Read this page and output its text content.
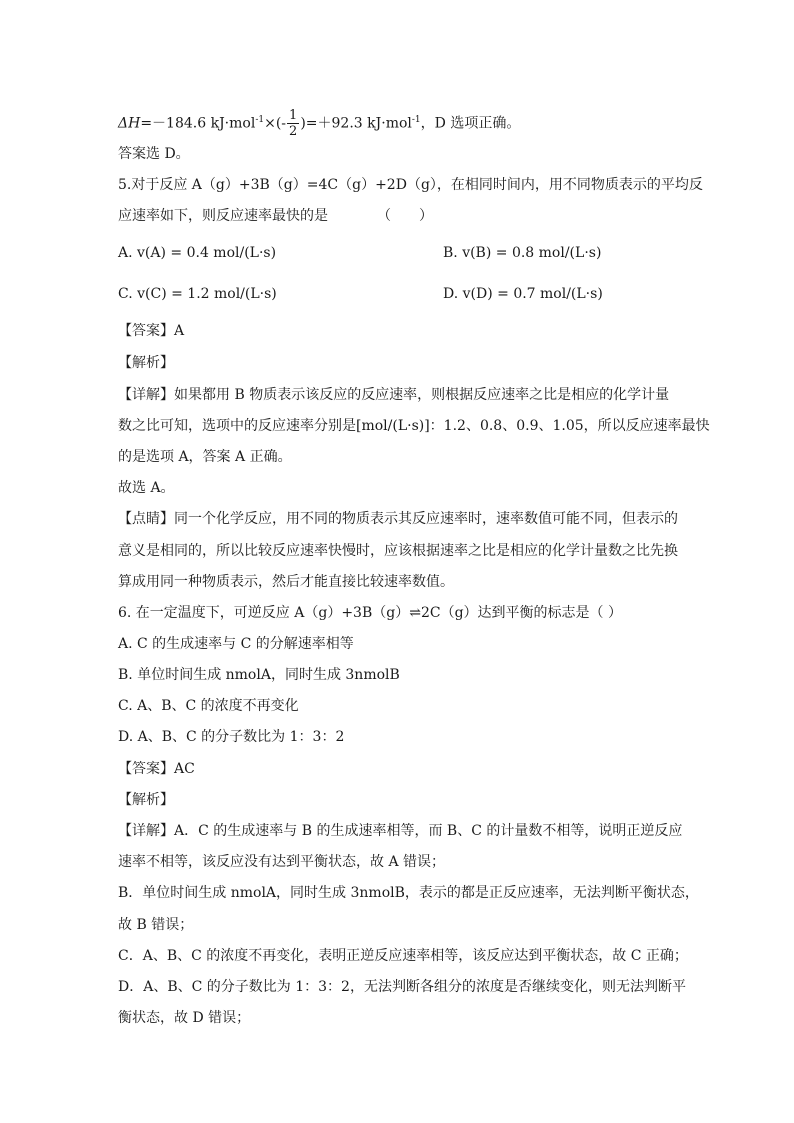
ΔH=－184.6 $kJ\cdot mol^{-1}\times(- \frac{1}{2} )=+92.3$ kJ·mol$^{-1}$，D 选项正确。
答案选 D。
5.对于反应 A（g）+3B（g）=4C（g）+2D（g），在相同时间内，用不同物质表示的平均反
应速率如下，则反应速率最快的是　　　　（　　）
A. v(A) = 0.4 mol/(L·s)	B. v(B) = 0.8 mol/(L·s)
C. v(C) = 1.2 mol/(L·s)	D. v(D) = 0.7 mol/(L·s)
【答案】A
【解析】
【详解】如果都用 B 物质表示该反应的反应速率，则根据反应速率之比是相应的化学计量
数之比可知，选项中的反应速率分别是[mol/(L·s)]：1.2、0.8、0.9、1.05，所以反应速率最快
的是选项 A，答案 A 正确。
故选 A。
【点睛】同一个化学反应，用不同的物质表示其反应速率时，速率数值可能不同，但表示的
意义是相同的，所以比较反应速率快慢时，应该根据速率之比是相应的化学计量数之比先换
算成用同一种物质表示，然后才能直接比较速率数值。
6. 在一定温度下，可逆反应 A（g）+3B（g）⇌2C（g）达到平衡的标志是（ ）
A. C 的生成速率与 C 的分解速率相等
B. 单位时间生成 nmolA，同时生成 3nmolB
C. A、B、C 的浓度不再变化
D. A、B、C 的分子数比为 1：3：2
【答案】AC
【解析】
【详解】A．C 的生成速率与 B 的生成速率相等，而 B、C 的计量数不相等，说明正逆反应
速率不相等，该反应没有达到平衡状态，故 A 错误；
B．单位时间生成 nmolA，同时生成 3nmolB，表示的都是正反应速率，无法判断平衡状态，
故 B 错误；
C．A、B、C 的浓度不再变化，表明正逆反应速率相等，该反应达到平衡状态，故 C 正确；
D．A、B、C 的分子数比为 1：3：2，无法判断各组分的浓度是否继续变化，则无法判断平
衡状态，故 D 错误；
